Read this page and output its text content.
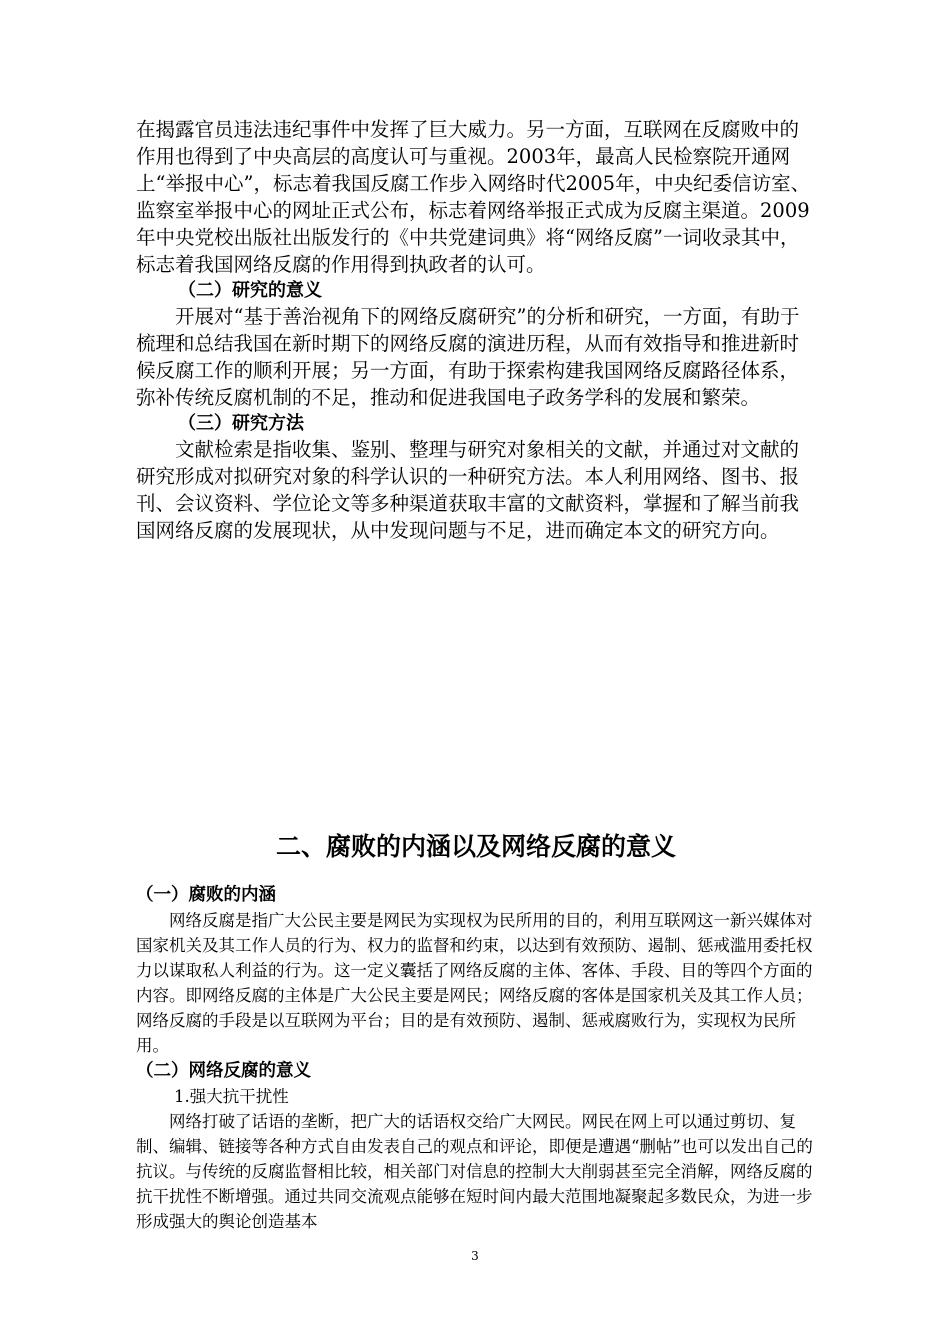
在揭露官员违法违纪事件中发挥了巨大威力。另一方面，互联网在反腐败中的作用也得到了中央高层的高度认可与重视。2003年，最高人民检察院开通网上“举报中心”，标志着我国反腐工作步入网络时代2005年，中央纪委信访室、监察室举报中心的网址正式公布，标志着网络举报正式成为反腐主渠道。2009年中央党校出版社出版发行的《中共党建词典》将“网络反腐”一词收录其中，标志着我国网络反腐的作用得到执政者的认可。

（二）研究的意义

开展对“基于善治视角下的网络反腐研究”的分析和研究，一方面，有助于梳理和总结我国在新时期下的网络反腐的演进历程，从而有效指导和推进新时候反腐工作的顺利开展；另一方面，有助于探索构建我国网络反腐路径体系，弥补传统反腐机制的不足，推动和促进我国电子政务学科的发展和繁荣。

（三）研究方法

文献检索是指收集、鉴别、整理与研究对象相关的文献，并通过对文献的研究形成对拟研究对象的科学认识的一种研究方法。本人利用网络、图书、报刊、会议资料、学位论文等多种渠道获取丰富的文献资料，掌握和了解当前我国网络反腐的发展现状，从中发现问题与不足，进而确定本文的研究方向。

二、腐败的内涵以及网络反腐的意义
（一）腐败的内涵

网络反腐是指广大公民主要是网民为实现权为民所用的目的，利用互联网这一新兴媒体对国家机关及其工作人员的行为、权力的监督和约束，以达到有效预防、遏制、惩戒滥用委托权力以谋取私人利益的行为。这一定义囊括了网络反腐的主体、客体、手段、目的等四个方面的内容。即网络反腐的主体是广大公民主要是网民；网络反腐的客体是国家机关及其工作人员；网络反腐的手段是以互联网为平台；目的是有效预防、遏制、惩戒腐败行为，实现权为民所用。

（二）网络反腐的意义
1.强大抗干扰性

网络打破了话语的垄断，把广大的话语权交给广大网民。网民在网上可以通过剪切、复制、编辑、链接等各种方式自由发表自己的观点和评论，即便是遭遇“删帖”也可以发出自己的抗议。与传统的反腐监督相比较，相关部门对信息的控制大大削弱甚至完全消解，网络反腐的抗干扰性不断增强。通过共同交流观点能够在短时间内最大范围地凝聚起多数民众，为进一步形成强大的舆论创造基本

3
